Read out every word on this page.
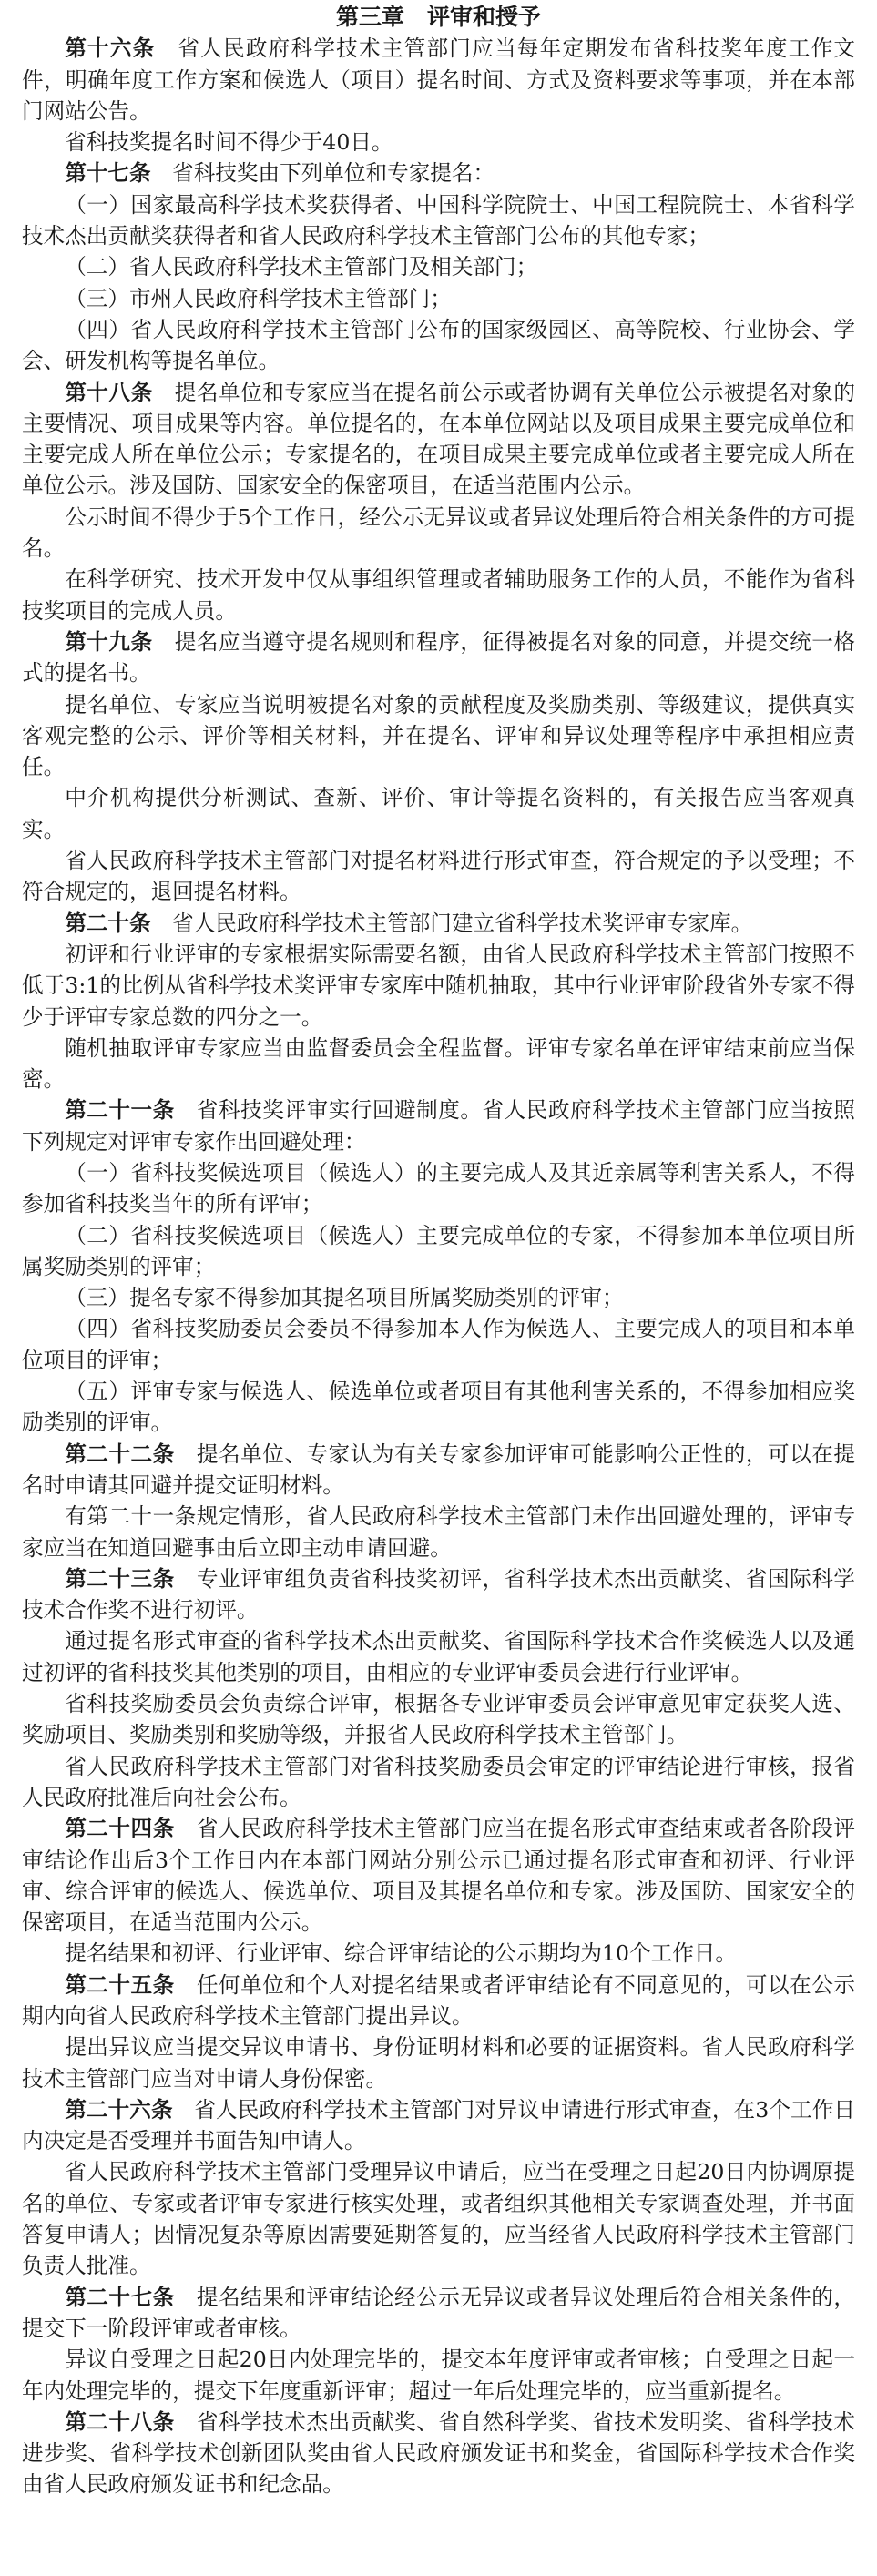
第三章　评审和授予

第十六条　省人民政府科学技术主管部门应当每年定期发布省科技奖年度工作文件，明确年度工作方案和候选人（项目）提名时间、方式及资料要求等事项，并在本部门网站公告。

省科技奖提名时间不得少于40日。

第十七条　省科技奖由下列单位和专家提名：

（一）国家最高科学技术奖获得者、中国科学院院士、中国工程院院士、本省科学技术杰出贡献奖获得者和省人民政府科学技术主管部门公布的其他专家；

（二）省人民政府科学技术主管部门及相关部门；

（三）市州人民政府科学技术主管部门；

（四）省人民政府科学技术主管部门公布的国家级园区、高等院校、行业协会、学会、研发机构等提名单位。

第十八条　提名单位和专家应当在提名前公示或者协调有关单位公示被提名对象的主要情况、项目成果等内容。单位提名的，在本单位网站以及项目成果主要完成单位和主要完成人所在单位公示；专家提名的，在项目成果主要完成单位或者主要完成人所在单位公示。涉及国防、国家安全的保密项目，在适当范围内公示。

公示时间不得少于5个工作日，经公示无异议或者异议处理后符合相关条件的方可提名。

在科学研究、技术开发中仅从事组织管理或者辅助服务工作的人员，不能作为省科技奖项目的完成人员。

第十九条　提名应当遵守提名规则和程序，征得被提名对象的同意，并提交统一格式的提名书。

提名单位、专家应当说明被提名对象的贡献程度及奖励类别、等级建议，提供真实客观完整的公示、评价等相关材料，并在提名、评审和异议处理等程序中承担相应责任。

中介机构提供分析测试、查新、评价、审计等提名资料的，有关报告应当客观真实。

省人民政府科学技术主管部门对提名材料进行形式审查，符合规定的予以受理；不符合规定的，退回提名材料。

第二十条　省人民政府科学技术主管部门建立省科学技术奖评审专家库。

初评和行业评审的专家根据实际需要名额，由省人民政府科学技术主管部门按照不低于3:1的比例从省科学技术奖评审专家库中随机抽取，其中行业评审阶段省外专家不得少于评审专家总数的四分之一。

随机抽取评审专家应当由监督委员会全程监督。评审专家名单在评审结束前应当保密。

第二十一条　省科技奖评审实行回避制度。省人民政府科学技术主管部门应当按照下列规定对评审专家作出回避处理：

（一）省科技奖候选项目（候选人）的主要完成人及其近亲属等利害关系人，不得参加省科技奖当年的所有评审；

（二）省科技奖候选项目（候选人）主要完成单位的专家，不得参加本单位项目所属奖励类别的评审；

（三）提名专家不得参加其提名项目所属奖励类别的评审；

（四）省科技奖励委员会委员不得参加本人作为候选人、主要完成人的项目和本单位项目的评审；

（五）评审专家与候选人、候选单位或者项目有其他利害关系的，不得参加相应奖励类别的评审。

第二十二条　提名单位、专家认为有关专家参加评审可能影响公正性的，可以在提名时申请其回避并提交证明材料。

有第二十一条规定情形，省人民政府科学技术主管部门未作出回避处理的，评审专家应当在知道回避事由后立即主动申请回避。

第二十三条　专业评审组负责省科技奖初评，省科学技术杰出贡献奖、省国际科学技术合作奖不进行初评。

通过提名形式审查的省科学技术杰出贡献奖、省国际科学技术合作奖候选人以及通过初评的省科技奖其他类别的项目，由相应的专业评审委员会进行行业评审。

省科技奖励委员会负责综合评审，根据各专业评审委员会评审意见审定获奖人选、奖励项目、奖励类别和奖励等级，并报省人民政府科学技术主管部门。

省人民政府科学技术主管部门对省科技奖励委员会审定的评审结论进行审核，报省人民政府批准后向社会公布。

第二十四条　省人民政府科学技术主管部门应当在提名形式审查结束或者各阶段评审结论作出后3个工作日内在本部门网站分别公示已通过提名形式审查和初评、行业评审、综合评审的候选人、候选单位、项目及其提名单位和专家。涉及国防、国家安全的保密项目，在适当范围内公示。

提名结果和初评、行业评审、综合评审结论的公示期均为10个工作日。

第二十五条　任何单位和个人对提名结果或者评审结论有不同意见的，可以在公示期内向省人民政府科学技术主管部门提出异议。

提出异议应当提交异议申请书、身份证明材料和必要的证据资料。省人民政府科学技术主管部门应当对申请人身份保密。

第二十六条　省人民政府科学技术主管部门对异议申请进行形式审查，在3个工作日内决定是否受理并书面告知申请人。

省人民政府科学技术主管部门受理异议申请后，应当在受理之日起20日内协调原提名的单位、专家或者评审专家进行核实处理，或者组织其他相关专家调查处理，并书面答复申请人；因情况复杂等原因需要延期答复的，应当经省人民政府科学技术主管部门负责人批准。

第二十七条　提名结果和评审结论经公示无异议或者异议处理后符合相关条件的，提交下一阶段评审或者审核。

异议自受理之日起20日内处理完毕的，提交本年度评审或者审核；自受理之日起一年内处理完毕的，提交下年度重新评审；超过一年后处理完毕的，应当重新提名。

第二十八条　省科学技术杰出贡献奖、省自然科学奖、省技术发明奖、省科学技术进步奖、省科学技术创新团队奖由省人民政府颁发证书和奖金，省国际科学技术合作奖由省人民政府颁发证书和纪念品。
